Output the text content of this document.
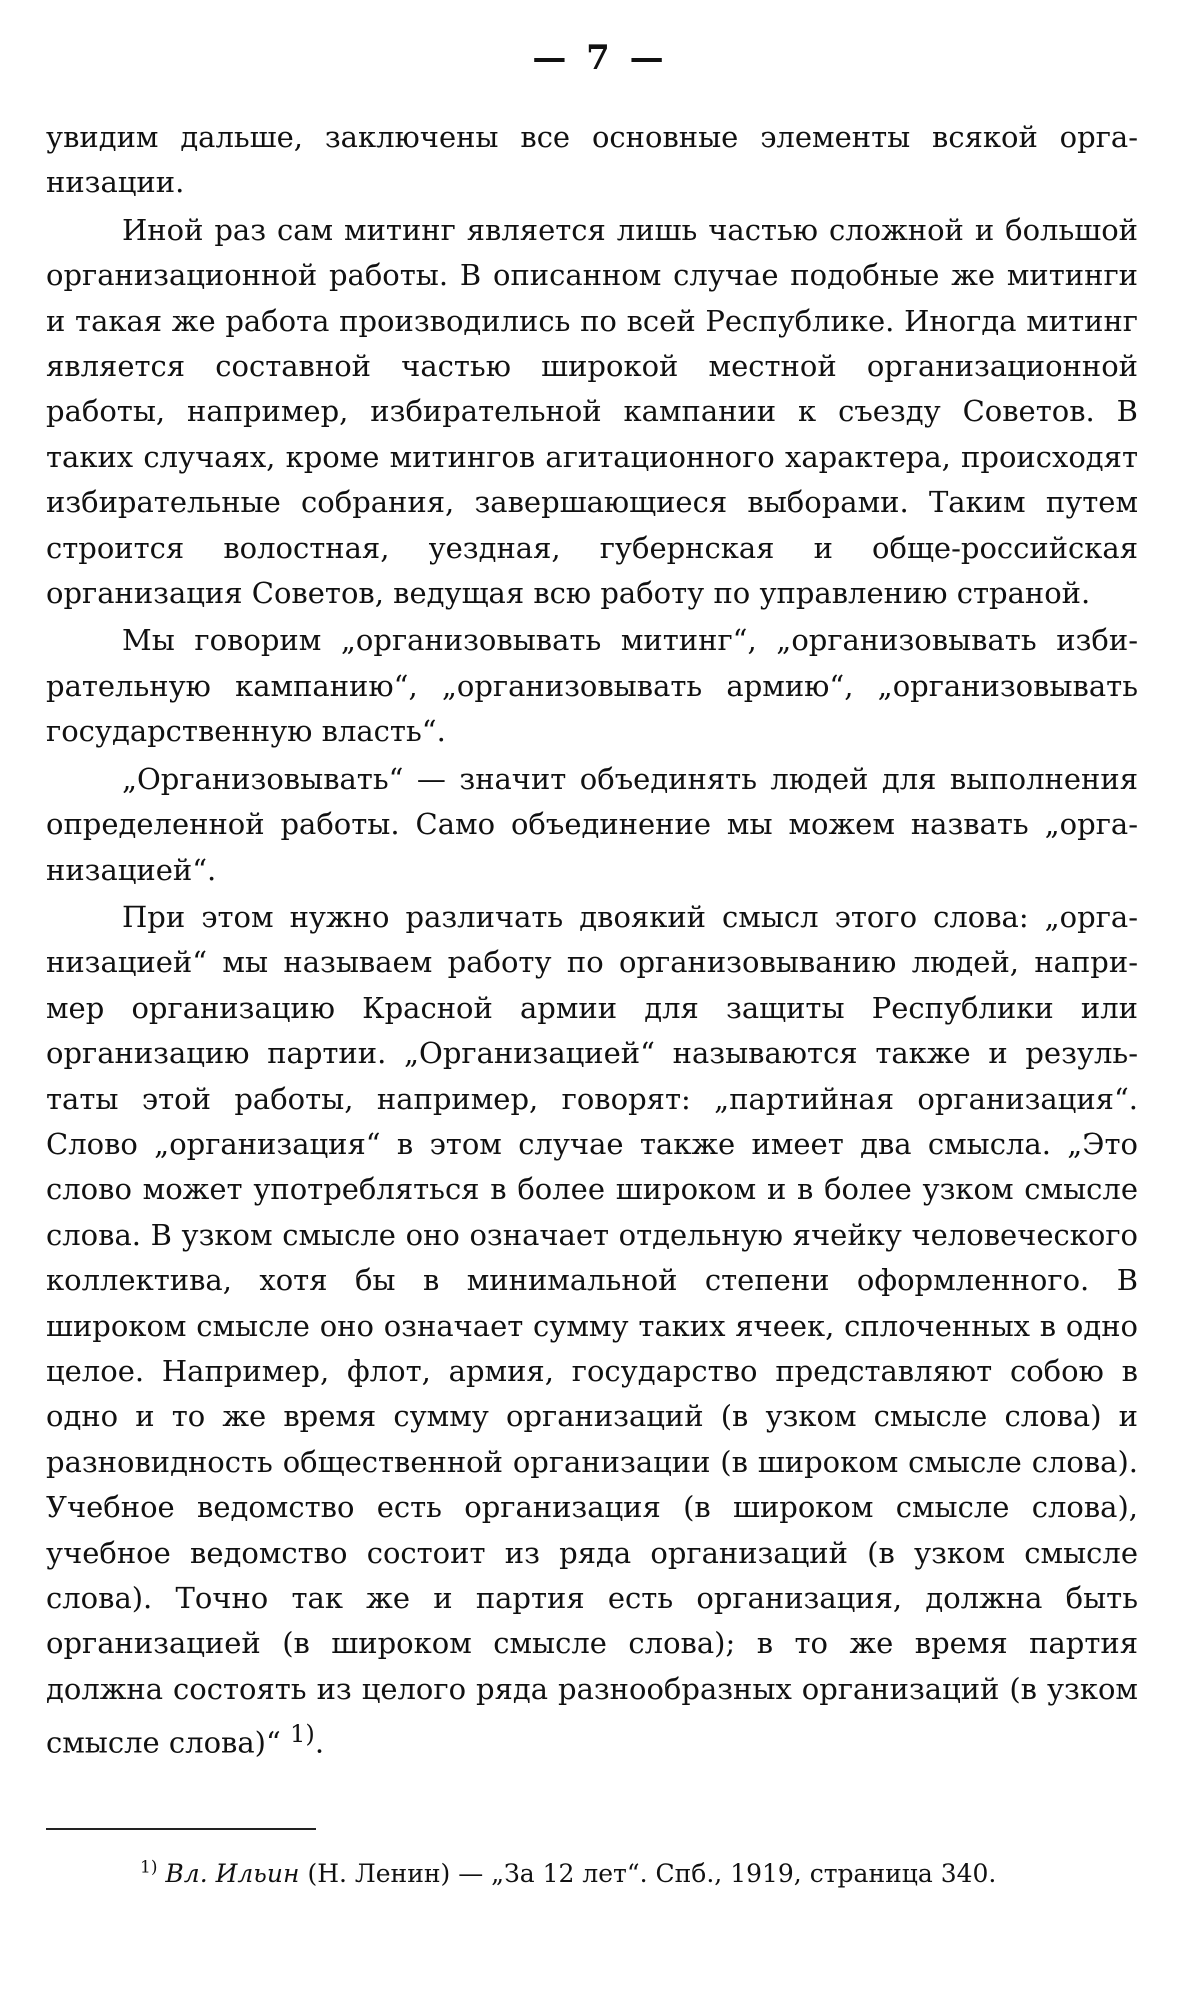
— 7 —

увидим дальше, заключены все основные элементы всякой организации.

Иной раз сам митинг является лишь частью сложной и большой организационной работы. В описанном случае подобные же митинги и такая же работа производились по всей Республике. Иногда митинг является составной частью широкой местной организационной работы, например, избирательной кампании к съезду Советов. В таких случаях, кроме митингов агитационного характера, происходят избирательные собрания, завершающиеся выборами. Таким путем строится волостная, уездная, губернская и обще-российская организация Советов, ведущая всю работу по управлению страной.

Мы говорим „организовывать митинг“, „организовывать избирательную кампанию“, „организовывать армию“, „организовывать государственную власть“.

„Организовывать“ — значит объединять людей для выполнения определенной работы. Само объединение мы можем назвать „организацией“.

При этом нужно различать двоякий смысл этого слова: „организацией“ мы называем работу по организовыванию людей, например организацию Красной армии для защиты Республики или организацию партии. „Организацией“ называются также и результаты этой работы, например, говорят: „партийная организация“. Слово „организация“ в этом случае также имеет два смысла. „Это слово может употребляться в более широком и в более узком смысле слова. В узком смысле оно означает отдельную ячейку человеческого коллектива, хотя бы в минимальной степени оформленного. В широком смысле оно означает сумму таких ячеек, сплоченных в одно целое. Например, флот, армия, государство представляют собою в одно и то же время сумму организаций (в узком смысле слова) и разновидность общественной организации (в широком смысле слова). Учебное ведомство есть организация (в широком смысле слова), учебное ведомство состоит из ряда организаций (в узком смысле слова). Точно так же и партия есть организация, должна быть организацией (в широком смысле слова); в то же время партия должна состоять из целого ряда разнообразных организаций (в узком смысле слова)“ $^{1)}$.

$^{1)}$ Вл. Ильин (Н. Ленин) — „За 12 лет“. Спб., 1919, страница 340.
